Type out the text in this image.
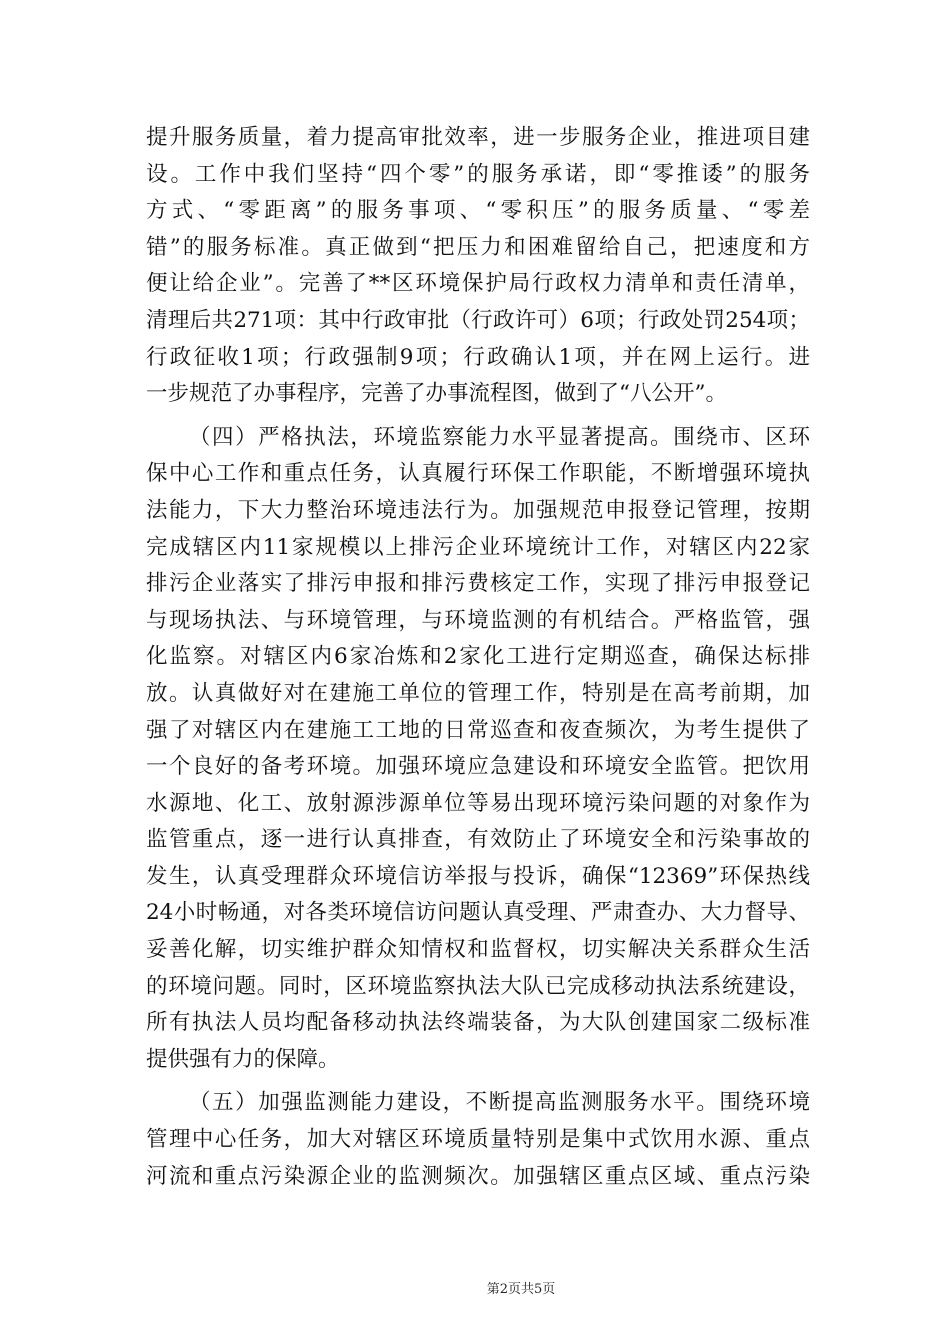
提升服务质量，着力提高审批效率，进一步服务企业，推进项目建
设。工作中我们坚持“四个零”的服务承诺，即“零推诿”的服务
方式、“零距离”的服务事项、“零积压”的服务质量、“零差
错”的服务标准。真正做到“把压力和困难留给自己，把速度和方
便让给企业”。完善了**区环境保护局行政权力清单和责任清单，
清理后共271项：其中行政审批（行政许可）6项；行政处罚254项；
行政征收1项；行政强制9项；行政确认1项，并在网上运行。进
一步规范了办事程序，完善了办事流程图，做到了“八公开”。
（四）严格执法，环境监察能力水平显著提高。围绕市、区环
保中心工作和重点任务，认真履行环保工作职能，不断增强环境执
法能力，下大力整治环境违法行为。加强规范申报登记管理，按期
完成辖区内11家规模以上排污企业环境统计工作，对辖区内22家
排污企业落实了排污申报和排污费核定工作，实现了排污申报登记
与现场执法、与环境管理，与环境监测的有机结合。严格监管，强
化监察。对辖区内6家冶炼和2家化工进行定期巡查，确保达标排
放。认真做好对在建施工单位的管理工作，特别是在高考前期，加
强了对辖区内在建施工工地的日常巡查和夜查频次，为考生提供了
一个良好的备考环境。加强环境应急建设和环境安全监管。把饮用
水源地、化工、放射源涉源单位等易出现环境污染问题的对象作为
监管重点，逐一进行认真排查，有效防止了环境安全和污染事故的
发生，认真受理群众环境信访举报与投诉，确保“12369”环保热线
24小时畅通，对各类环境信访问题认真受理、严肃查办、大力督导、
妥善化解，切实维护群众知情权和监督权，切实解决关系群众生活
的环境问题。同时，区环境监察执法大队已完成移动执法系统建设，
所有执法人员均配备移动执法终端装备，为大队创建国家二级标准
提供强有力的保障。
（五）加强监测能力建设，不断提高监测服务水平。围绕环境
管理中心任务，加大对辖区环境质量特别是集中式饮用水源、重点
河流和重点污染源企业的监测频次。加强辖区重点区域、重点污染
第2页共5页
